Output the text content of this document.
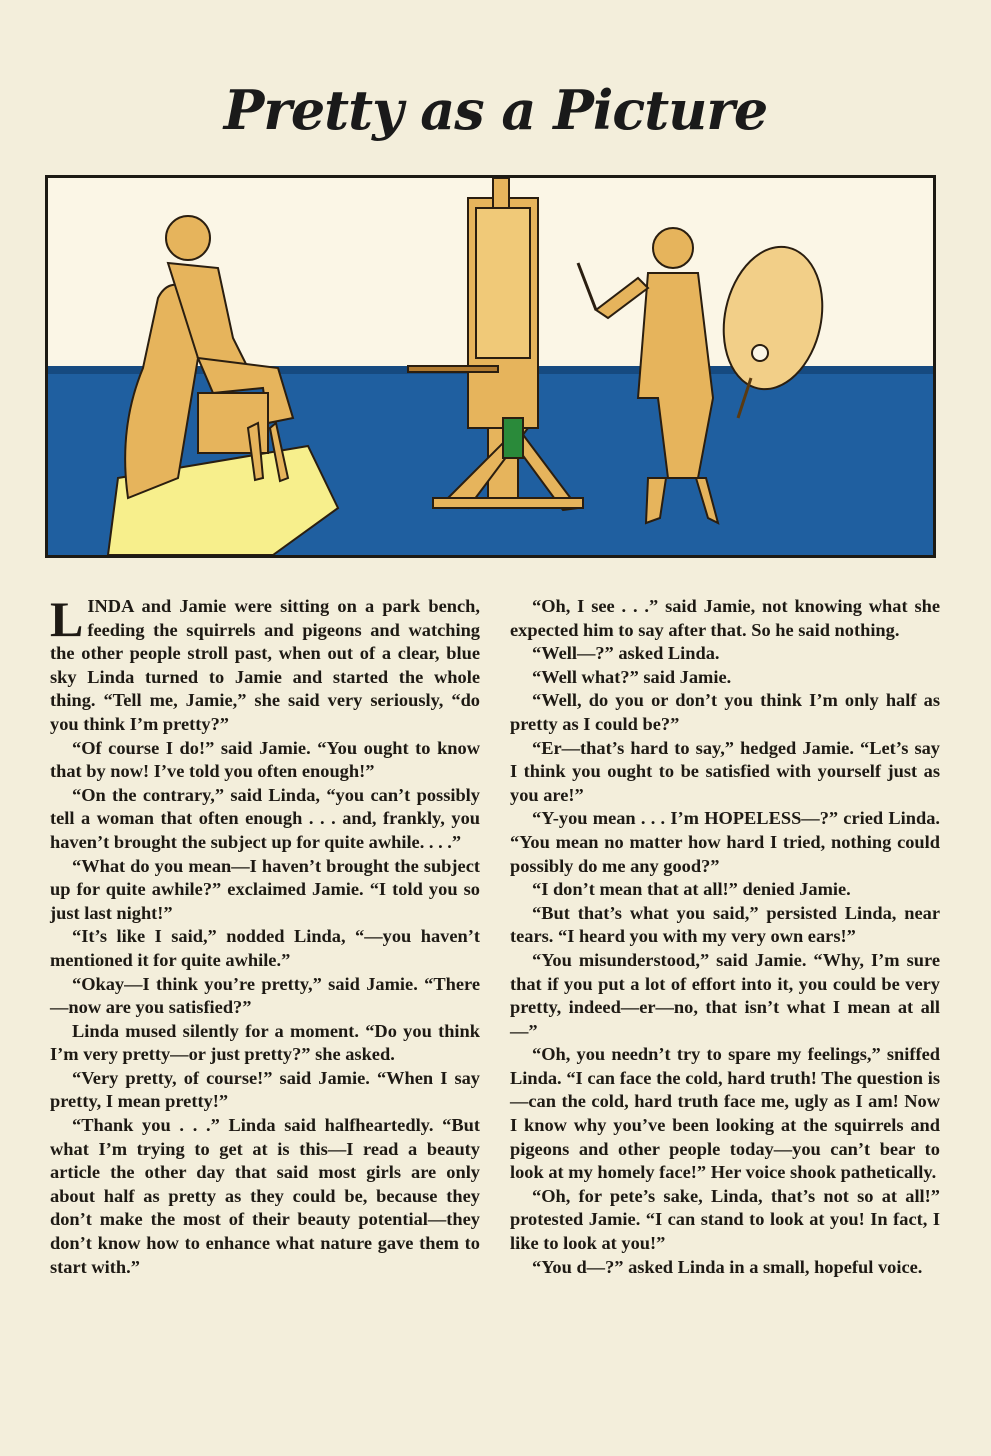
Pretty as a Picture

LINDA and Jamie were sitting on a park bench, feeding the squirrels and pigeons and watching the other people stroll past, when out of a clear, blue sky Linda turned to Jamie and started the whole thing. “Tell me, Jamie,” she said very seriously, “do you think I’m pretty?”

“Of course I do!” said Jamie. “You ought to know that by now! I’ve told you often enough!”

“On the contrary,” said Linda, “you can’t possibly tell a woman that often enough . . . and, frankly, you haven’t brought the subject up for quite awhile. . . .”

“What do you mean—I haven’t brought the subject up for quite awhile?” exclaimed Jamie. “I told you so just last night!”

“It’s like I said,” nodded Linda, “—you haven’t mentioned it for quite awhile.”

“Okay—I think you’re pretty,” said Jamie. “There—now are you satisfied?”

Linda mused silently for a moment. “Do you think I’m very pretty—or just pretty?” she asked.

“Very pretty, of course!” said Jamie. “When I say pretty, I mean pretty!”

“Thank you . . .” Linda said halfheartedly. “But what I’m trying to get at is this—I read a beauty article the other day that said most girls are only about half as pretty as they could be, because they don’t make the most of their beauty potential—they don’t know how to enhance what nature gave them to start with.”

“Oh, I see . . .” said Jamie, not knowing what she expected him to say after that. So he said nothing.

“Well—?” asked Linda.

“Well what?” said Jamie.

“Well, do you or don’t you think I’m only half as pretty as I could be?”

“Er—that’s hard to say,” hedged Jamie. “Let’s say I think you ought to be satisfied with yourself just as you are!”

“Y-you mean . . . I’m HOPELESS—?” cried Linda. “You mean no matter how hard I tried, nothing could possibly do me any good?”

“I don’t mean that at all!” denied Jamie.

“But that’s what you said,” persisted Linda, near tears. “I heard you with my very own ears!”

“You misunderstood,” said Jamie. “Why, I’m sure that if you put a lot of effort into it, you could be very pretty, indeed—er—no, that isn’t what I mean at all—”

“Oh, you needn’t try to spare my feelings,” sniffed Linda. “I can face the cold, hard truth! The question is—can the cold, hard truth face me, ugly as I am! Now I know why you’ve been looking at the squirrels and pigeons and other people today—you can’t bear to look at my homely face!” Her voice shook pathetically.

“Oh, for pete’s sake, Linda, that’s not so at all!” protested Jamie. “I can stand to look at you! In fact, I like to look at you!”

“You d—?” asked Linda in a small, hopeful voice.
